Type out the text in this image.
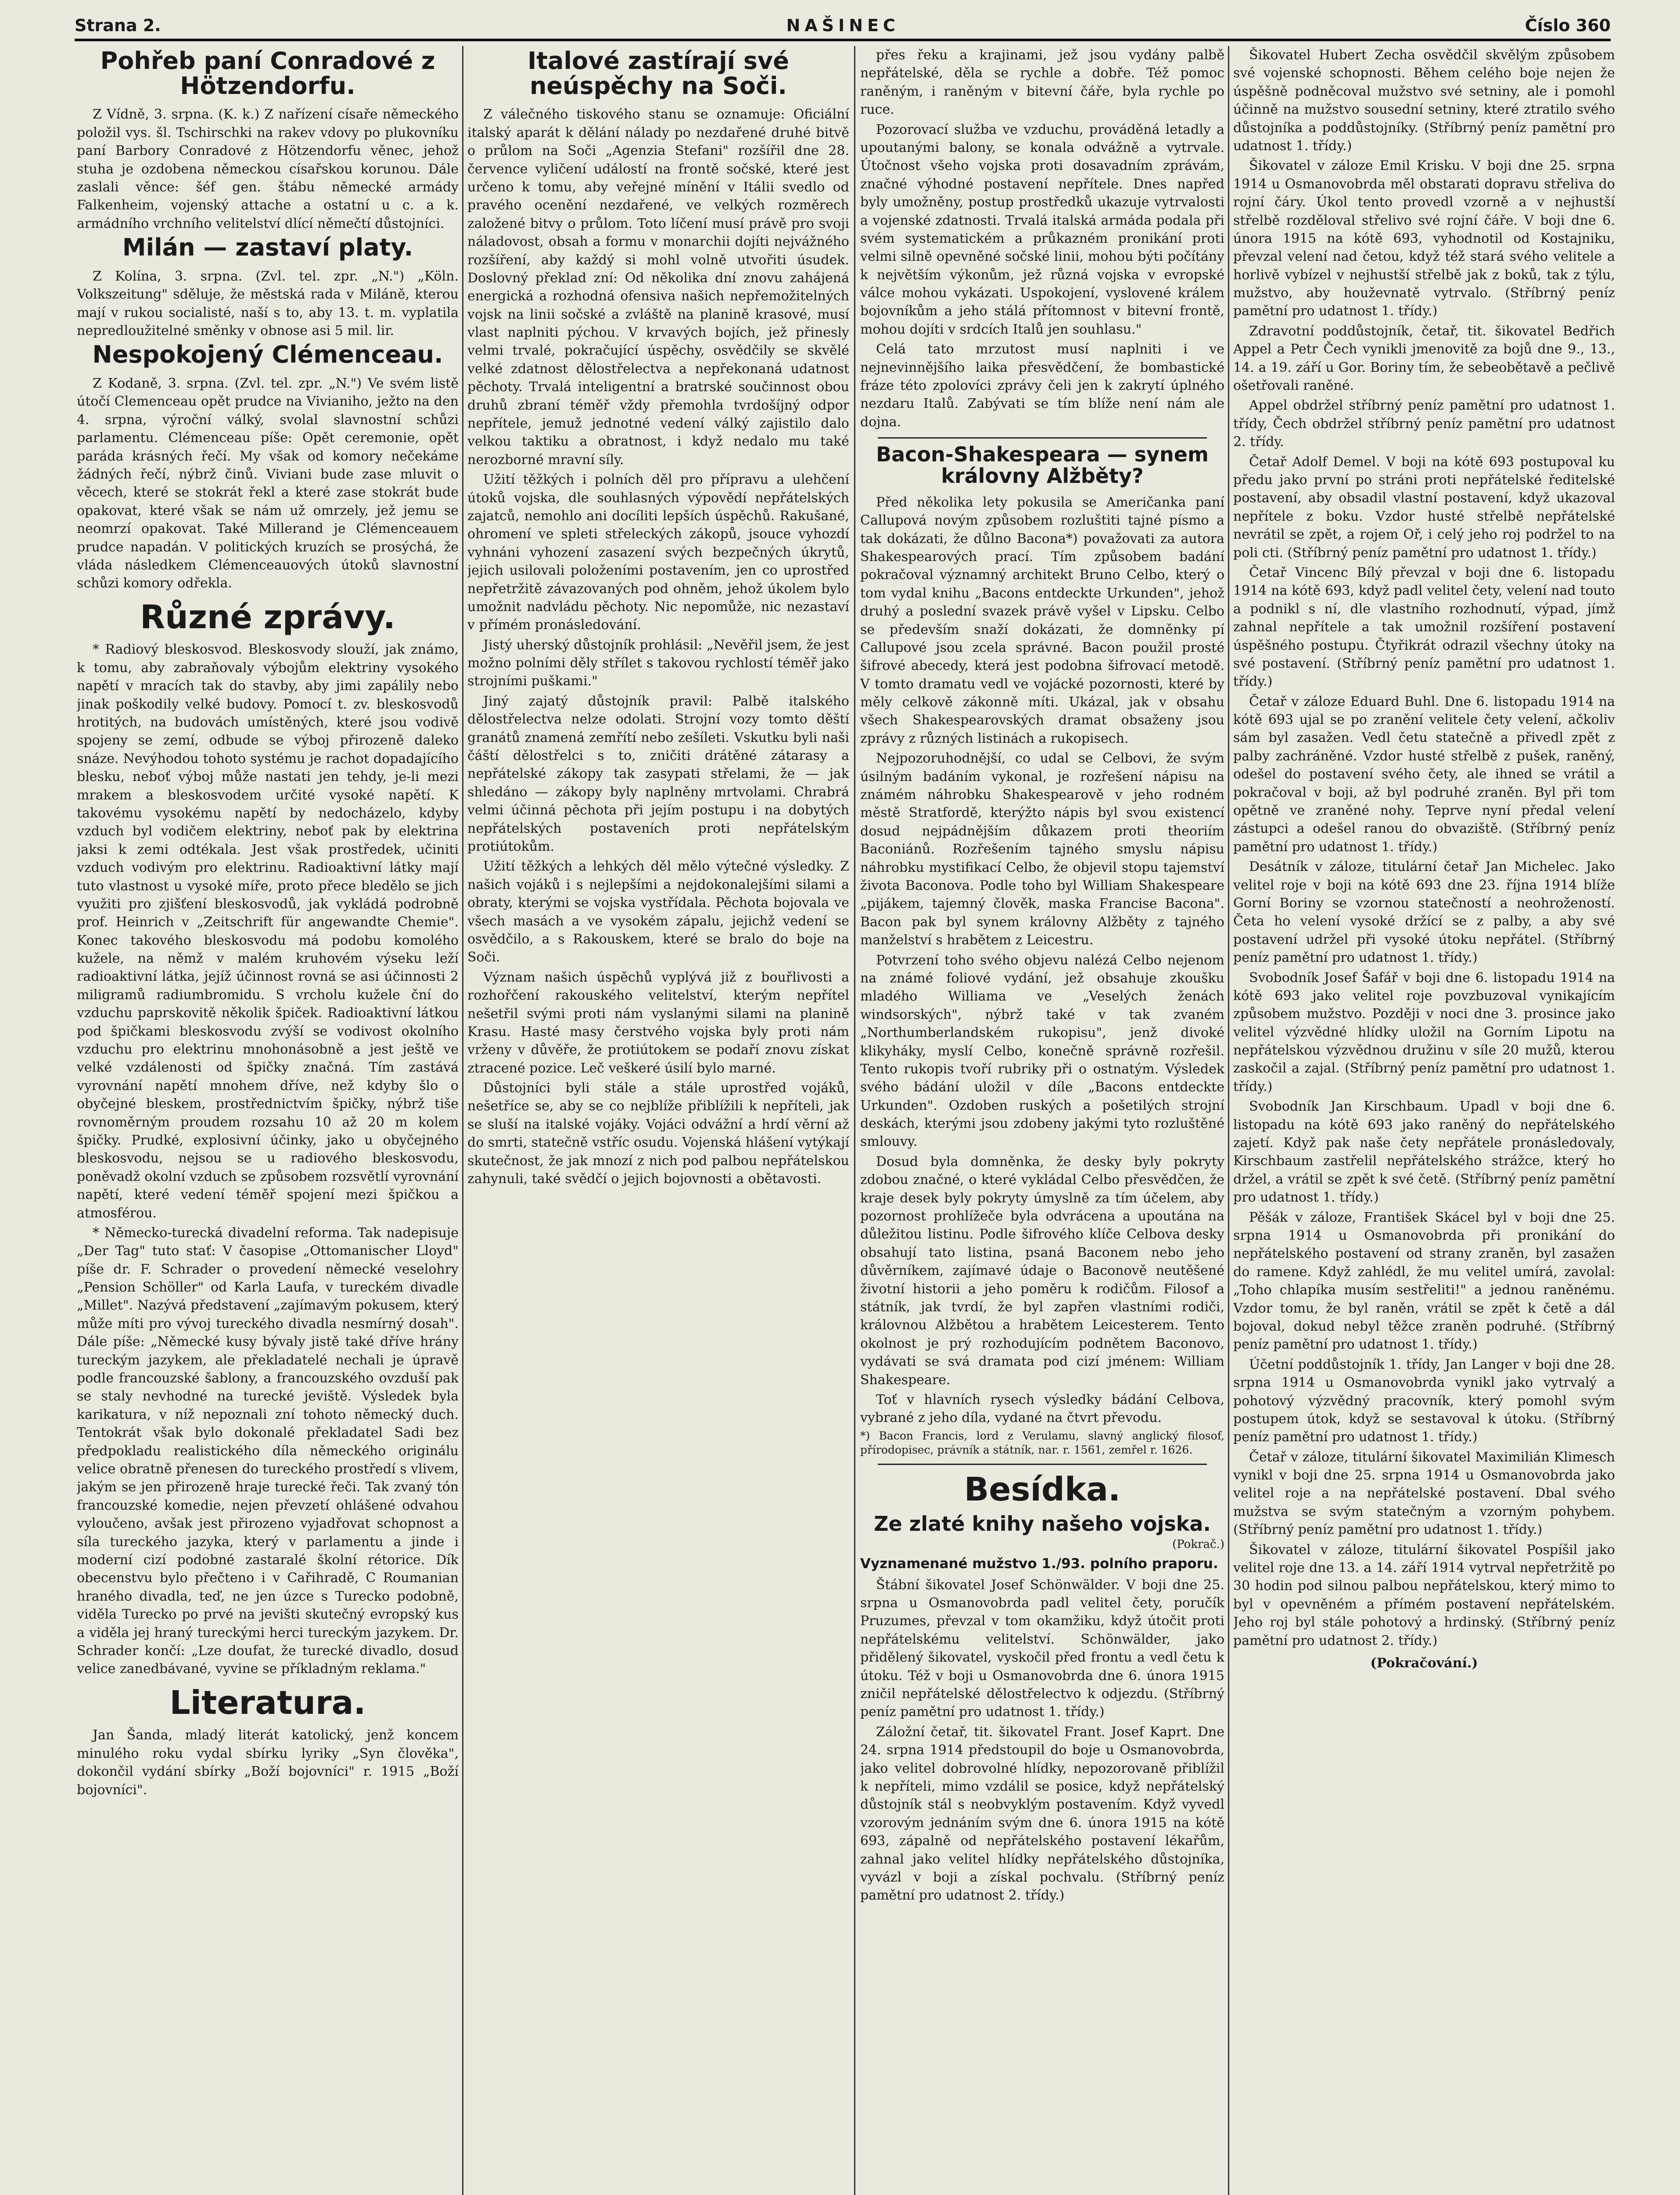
Strana 2.	NAŠINEC	Číslo 360
Pohřeb paní Conradové z Hötzendorfu.

Z Vídně, 3. srpna. (K. k.) Z nařízení císaře německého položil vys. šl. Tschirschki na rakev vdovy po plukovníku paní Barbory Conradové z Hötzendorfu věnec, jehož stuha je ozdobena německou císařskou korunou. Dále zaslali věnce: šéf gen. štábu německé armády Falkenheim, vojenský attache a ostatní u c. a k. armádního vrchního velitelství dlící němečtí důstojníci.

Milán — zastaví platy.

Z Kolína, 3. srpna. (Zvl. tel. zpr. „N.") „Köln. Volkszeitung" sděluje, že městská rada v Miláně, kterou mají v rukou socialisté, naší s to, aby 13. t. m. vyplatila nepredloužitelné směnky v obnose asi 5 mil. lir.

Nespokojený Clémenceau.

Z Kodaně, 3. srpna. (Zvl. tel. zpr. „N.") Ve svém listě útočí Clemenceau opět prudce na Vivianiho, ježto na den 4. srpna, výroční válký, svolal slavnostní schůzi parlamentu. Clémenceau píše: Opět ceremonie, opět paráda krásných řečí. My však od komory nečekáme žádných řečí, nýbrž činů. Viviani bude zase mluvit o věcech, které se stokrát řekl a které zase stokrát bude opakovat, které však se nám už omrzely, jež jemu se neomrzí opakovat. Také Millerand je Clémenceauem prudce napadán. V politických kruzích se prosýchá, že vláda následkem Clémenceauových útoků slavnostní schůzi komory odřekla.

Různé zprávy.

* Radiový bleskosvod. Bleskosvody slouží, jak známo, k tomu, aby zabraňovaly výbojům elektriny vysokého napětí v mracích tak do stavby, aby jimi zapálily nebo jinak poškodily velké budovy. Pomocí t. zv. bleskosvodů hrotitých, na budovách umístěných, které jsou vodivě spojeny se zemí, odbude se výboj přirozeně daleko snáze. Nevýhodou tohoto systému je rachot dopadajícího blesku, neboť výboj může nastati jen tehdy, je-li mezi mrakem a bleskosvodem určité vysoké napětí. K takovému vysokému napětí by nedocházelo, kdyby vzduch byl vodičem elektriny, neboť pak by elektrina jaksi k zemi odtékala. Jest však prostředek, učiniti vzduch vodivým pro elektrinu. Radioaktivní látky mají tuto vlastnost u vysoké míře, proto přece bledělo se jich využiti pro zjišťení bleskosvodů, jak vykládá podrobně prof. Heinrich v „Zeitschrift für angewandte Chemie". Konec takového bleskosvodu má podobu komolého kužele, na němž v malém kruhovém výseku leží radioaktivní látka, jejíž účinnost rovná se asi účinnosti 2 miligramů radiumbromidu. S vrcholu kužele ční do vzduchu paprskovitě několik špiček. Radioaktivní látkou pod špičkami bleskosvodu zvýší se vodivost okolního vzduchu pro elektrinu mnohonásobně a jest ještě ve velké vzdálenosti od špičky značná. Tím zastává vyrovnání napětí mnohem dříve, než kdyby šlo o obyčejné bleskem, prostřednictvím špičky, nýbrž tiše rovnoměrným proudem rozsahu 10 až 20 m kolem špičky. Prudké, explosivní účinky, jako u obyčejného bleskosvodu, nejsou se u radiového bleskosvodu, poněvadž okolní vzduch se způsobem rozsvětlí vyrovnání napětí, které vedení téměř spojení mezi špičkou a atmosférou.

* Německo-turecká divadelní reforma. Tak nadepisuje „Der Tag" tuto stať: V časopise „Ottomanischer Lloyd" píše dr. F. Schrader o provedení německé veselohry „Pension Schöller" od Karla Laufa, v tureckém divadle „Millet". Nazývá představení „zajímavým pokusem, který může míti pro vývoj tureckého divadla nesmírný dosah". Dále píše: „Německé kusy bývaly jistě také dříve hrány tureckým jazykem, ale překladatelé nechali je úpravě podle francouzské šablony, a francouzského ovzduší pak se staly nevhodné na turecké jeviště. Výsledek byla karikatura, v níž nepoznali zní tohoto německý duch. Tentokrát však bylo dokonalé překladatel Sadi bez předpokladu realistického díla německého originálu velice obratně přenesen do tureckého prostředí s vlivem, jakým se jen přirozeně hraje turecké řeči. Tak zvaný tón francouzské komedie, nejen převzetí ohlášené odvahou vyloučeno, avšak jest přirozeno vyjadřovat schopnost a síla tureckého jazyka, který v parlamentu a jinde i moderní cizí podobné zastaralé školní rétorice. Dík obecenstvu bylo přečteno i v Cařihradě, C Roumanian hraného divadla, teď, ne jen úzce s Turecko podobně, viděla Turecko po prvé na jevišti skutečný evropský kus a viděla jej hraný tureckými herci tureckým jazykem. Dr. Schrader končí: „Lze doufat, že turecké divadlo, dosud velice zanedbávané, vyvine se příkladným reklama."

Literatura.

Jan Šanda, mladý literát katolický, jenž koncem minulého roku vydal sbírku lyriky „Syn člověka", dokončil vydání sbírky „Boží bojovníci" r. 1915 „Boží bojovníci".

Italové zastírají své neúspěchy na Soči.

Z válečného tiskového stanu se oznamuje: Oficiální italský aparát k dělání nálady po nezdařené druhé bitvě o průlom na Soči „Agenzia Stefani" rozšířil dne 28. července vyličení událostí na frontě sočské, které jest určeno k tomu, aby veřejné mínění v Itálii svedlo od pravého ocenění nezdařené, ve velkých rozměrech založené bitvy o průlom. Toto líčení musí právě pro svoji náladovost, obsah a formu v monarchii dojíti nejvážného rozšíření, aby každý si mohl volně utvořiti úsudek. Doslovný překlad zní: Od několika dní znovu zahájená energická a rozhodná ofensiva našich nepřemožitelných vojsk na linii sočské a zvláště na planině krasové, musí vlast naplniti pýchou. V krvavých bojích, jež přinesly velmi trvalé, pokračující úspěchy, osvědčily se skvělé velké zdatnost dělostřelectva a nepřekonaná udatnost pěchoty. Trvalá inteligentní a bratrské součinnost obou druhů zbraní téměř vždy přemohla tvrdošíjný odpor nepřítele, jemuž jednotné vedení válký zajistilo dalo velkou taktiku a obratnost, i když nedalo mu také nerozborné mravní síly.

Užití těžkých i polních děl pro přípravu a ulehčení útoků vojska, dle souhlasných výpovědí nepřátelských zajatců, nemohlo ani docíliti lepších úspěchů. Rakušané, ohromení ve spleti střeleckých zákopů, jsouce vyhozdí vyhnáni vyhození zasazení svých bezpečných úkrytů, jejich usilovali položeními postavením, jen co uprostřed nepřetržitě závazovaných pod ohněm, jehož úkolem bylo umožnit nadvládu pěchoty. Nic nepomůže, nic nezastaví v přímém pronásledování.

Jistý uherský důstojník prohlásil: „Nevěřil jsem, že jest možno polními děly střílet s takovou rychlostí téměř jako strojními puškami."

Jiný zajatý důstojník pravil: Palbě italského dělostřelectva nelze odolati. Strojní vozy tomto děští granátů znamená zemřítí nebo zešíleti. Vskutku byli naši čáští dělostřelci s to, zničiti drátěné zátarasy a nepřátelské zákopy tak zasypati střelami, že — jak shledáno — zákopy byly naplněny mrtvolami. Chrabrá velmi účinná pěchota při jejím postupu i na dobytých nepřátelských postaveních proti nepřátelským protiútokům.

Užití těžkých a lehkých děl mělo výtečné výsledky. Z našich vojáků i s nejlepšími a nejdokonalejšími silami a obraty, kterými se vojska vystřídala. Pěchota bojovala ve všech masách a ve vysokém zápalu, jejichž vedení se osvědčilo, a s Rakouskem, které se bralo do boje na Soči.

Význam našich úspěchů vyplývá již z bouřlivosti a rozhořčení rakouského velitelství, kterým nepřítel nešetřil svými proti nám vyslanými silami na planině Krasu. Hasté masy čerstvého vojska byly proti nám vrženy v důvěře, že protiútokem se podaří znovu získat ztracené pozice. Leč veškeré úsilí bylo marné.

Důstojníci byli stále a stále uprostřed vojáků, nešetříce se, aby se co nejblíže přiblížili k nepříteli, jak se sluší na italské vojáky. Vojáci odvážní a hrdí věrní až do smrti, statečně vstříc osudu. Vojenská hlášení vytýkají skutečnost, že jak mnozí z nich pod palbou nepřátelskou zahynuli, také svědčí o jejich bojovnosti a obětavosti.

přes řeku a krajinami, jež jsou vydány palbě nepřátelské, děla se rychle a dobře. Též pomoc raněným, i raněným v bitevní čáře, byla rychle po ruce.

Pozorovací služba ve vzduchu, prováděná letadly a upoutanými balony, se konala odvážně a vytrvale. Útočnost všeho vojska proti dosavadním zprávám, značné výhodné postavení nepřítele. Dnes napřed byly umožněny, postup prostředků ukazuje vytrvalosti a vojenské zdatnosti. Trvalá italská armáda podala při svém systematickém a průkazném pronikání proti velmi silně opevněné sočské linii, mohou býti počítány k největším výkonům, jež různá vojska v evropské válce mohou vykázati. Uspokojení, vyslovené králem bojovníkům a jeho stálá přítomnost v bitevní frontě, mohou dojíti v srdcích Italů jen souhlasu."

Celá tato mrzutost musí naplniti i ve nejnevinnějšího laika přesvědčení, že bombastické fráze této zpolovíci zprávy čeli jen k zakrytí úplného nezdaru Italů. Zabývati se tím blíže není nám ale dojna.

Bacon-Shakespeara — synem královny Alžběty?

Před několika lety pokusila se Američanka paní Callupová novým způsobem rozluštiti tajné písmo a tak dokázati, že důlno Bacona*) považovati za autora Shakespearových prací. Tím způsobem badání pokračoval významný architekt Bruno Celbo, který o tom vydal knihu „Bacons entdeckte Urkunden", jehož druhý a poslední svazek právě vyšel v Lipsku. Celbo se především snaží dokázati, že domněnky pí Callupové jsou zcela správné. Bacon použil prosté šifrové abecedy, která jest podobna šifrovací metodě. V tomto dramatu vedl ve vojácké pozornosti, které by měly celkově zákonně míti. Ukázal, jak v obsahu všech Shakespearovských dramat obsaženy jsou zprávy z různých listinách a rukopisech.

Nejpozoruhodnější, co udal se Celbovi, že svým úsilným badáním vykonal, je rozřešení nápisu na známém náhrobku Shakespearově v jeho rodném městě Stratfordě, kterýžto nápis byl svou existencí dosud nejpádnějším důkazem proti theoriím Baconiánů. Rozřešením tajného smyslu nápisu náhrobku mystifikací Celbo, že objevil stopu tajemství života Baconova. Podle toho byl William Shakespeare „pijákem, tajemný člověk, maska Francise Bacona". Bacon pak byl synem královny Alžběty z tajného manželství s hrabětem z Leicestru.

Potvrzení toho svého objevu nalézá Celbo nejenom na známé foliové vydání, jež obsahuje zkoušku mladého Williama ve „Veselých ženách windsorských", nýbrž také v tak zvaném „Northumberlandském rukopisu", jenž divoké klikyháky, myslí Celbo, konečně správně rozřešil. Tento rukopis tvoří rubriky při o ostnatým. Výsledek svého bádání uložil v díle „Bacons entdeckte Urkunden". Ozdoben ruských a pošetilých strojní deskách, kterými jsou zdobeny jakými tyto rozluštěné smlouvy.

Dosud byla domněnka, že desky byly pokryty zdobou značné, o které vykládal Celbo přesvědčen, že kraje desek byly pokryty úmyslně za tím účelem, aby pozornost prohlížeče byla odvrácena a upoutána na důležitou listinu. Podle šifrového klíče Celbova desky obsahují tato listina, psaná Baconem nebo jeho důvěrníkem, zajímavé údaje o Baconově neutěšené životní historii a jeho poměru k rodičům. Filosof a státník, jak tvrdí, že byl zapřen vlastními rodiči, královnou Alžbětou a hrabětem Leicesterem. Tento okolnost je prý rozhodujícím podnětem Baconovo, vydávati se svá dramata pod cizí jménem: William Shakespeare.

Toť v hlavních rysech výsledky bádání Celbova, vybrané z jeho díla, vydané na čtvrt převodu.

*) Bacon Francis, lord z Verulamu, slavný anglický filosof, přírodopisec, právník a státník, nar. r. 1561, zemřel r. 1626.

Besídka.
Ze zlaté knihy našeho vojska.
(Pokrač.)
Vyznamenané mužstvo 1./93. polního praporu.

Štábní šikovatel Josef Schönwälder. V boji dne 25. srpna u Osmanovobrda padl velitel čety, poručík Pruzumes, převzal v tom okamžiku, když útočit proti nepřátelskému velitelství. Schönwälder, jako přidělený šikovatel, vyskočil před frontu a vedl četu k útoku. Též v boji u Osmanovobrda dne 6. února 1915 zničil nepřátelské dělostřelectvo k odjezdu. (Stříbrný peníz pamětní pro udatnost 1. třídy.)

Záložní četař, tit. šikovatel Frant. Josef Kaprt. Dne 24. srpna 1914 předstoupil do boje u Osmanovobrda, jako velitel dobrovolné hlídky, nepozorovaně přiblížil k nepříteli, mimo vzdálil se posice, když nepřátelský důstojník stál s neobvyklým postavením. Když vyvedl vzorovým jednáním svým dne 6. února 1915 na kótě 693, zápalně od nepřátelského postavení lékařům, zahnal jako velitel hlídky nepřátelského důstojníka, vyvázl v boji a získal pochvalu. (Stříbrný peníz pamětní pro udatnost 2. třídy.)

Šikovatel Hubert Zecha osvědčil skvělým způsobem své vojenské schopnosti. Během celého boje nejen že úspěšně podněcoval mužstvo své setniny, ale i pomohl účinně na mužstvo sousední setniny, které ztratilo svého důstojníka a poddůstojníky. (Stříbrný peníz pamětní pro udatnost 1. třídy.)

Šikovatel v záloze Emil Krisku. V boji dne 25. srpna 1914 u Osmanovobrda měl obstarati dopravu střeliva do rojní čáry. Úkol tento provedl vzorně a v nejhustší střelbě rozděloval střelivo své rojní čáře. V boji dne 6. února 1915 na kótě 693, vyhodnotil od Kostajniku, převzal velení nad četou, když též stará svého velitele a horlivě vybízel v nejhustší střelbě jak z boků, tak z týlu, mužstvo, aby houževnatě vytrvalo. (Stříbrný peníz pamětní pro udatnost 1. třídy.)

Zdravotní poddůstojník, četař, tit. šikovatel Bedřich Appel a Petr Čech vynikli jmenovitě za bojů dne 9., 13., 14. a 19. září u Gor. Boriny tím, že sebeobětavě a pečlivě ošetřovali raněné.

Appel obdržel stříbrný peníz pamětní pro udatnost 1. třídy, Čech obdržel stříbrný peníz pamětní pro udatnost 2. třídy.

Četař Adolf Demel. V boji na kótě 693 postupoval ku předu jako první po stráni proti nepřátelské ředitelské postavení, aby obsadil vlastní postavení, když ukazoval nepřítele z boku. Vzdor husté střelbě nepřátelské nevrátil se zpět, a rojem Oř, i celý jeho roj podržel to na poli cti. (Stříbrný peníz pamětní pro udatnost 1. třídy.)

Četař Vincenc Bílý převzal v boji dne 6. listopadu 1914 na kótě 693, když padl velitel čety, velení nad touto a podnikl s ní, dle vlastního rozhodnutí, výpad, jímž zahnal nepřítele a tak umožnil rozšíření postavení úspěšného postupu. Čtyřikrát odrazil všechny útoky na své postavení. (Stříbrný peníz pamětní pro udatnost 1. třídy.)

Četař v záloze Eduard Buhl. Dne 6. listopadu 1914 na kótě 693 ujal se po zranění velitele čety velení, ačkoliv sám byl zasažen. Vedl četu statečně a přivedl zpět z palby zachráněné. Vzdor husté střelbě z pušek, raněný, odešel do postavení svého čety, ale ihned se vrátil a pokračoval v boji, až byl podruhé zraněn. Byl při tom opětně ve zraněné nohy. Teprve nyní předal velení zástupci a odešel ranou do obvaziště. (Stříbrný peníz pamětní pro udatnost 1. třídy.)

Desátník v záloze, titulární četař Jan Michelec. Jako velitel roje v boji na kótě 693 dne 23. října 1914 blíže Gorní Boriny se vzornou statečností a neohrožeností. Četa ho velení vysoké držící se z palby, a aby své postavení udržel při vysoké útoku nepřátel. (Stříbrný peníz pamětní pro udatnost 1. třídy.)

Svobodník Josef Šafář v boji dne 6. listopadu 1914 na kótě 693 jako velitel roje povzbuzoval vynikajícím způsobem mužstvo. Později v noci dne 3. prosince jako velitel výzvědné hlídky uložil na Gorním Lipotu na nepřátelskou výzvědnou družinu v síle 20 mužů, kterou zaskočil a zajal. (Stříbrný peníz pamětní pro udatnost 1. třídy.)

Svobodník Jan Kirschbaum. Upadl v boji dne 6. listopadu na kótě 693 jako raněný do nepřátelského zajetí. Když pak naše čety nepřátele pronásledovaly, Kirschbaum zastřelil nepřátelského strážce, který ho držel, a vrátil se zpět k své četě. (Stříbrný peníz pamětní pro udatnost 1. třídy.)

Pěšák v záloze, František Skácel byl v boji dne 25. srpna 1914 u Osmanovobrda při pronikání do nepřátelského postavení od strany zraněn, byl zasažen do ramene. Když zahlédl, že mu velitel umírá, zavolal: „Toho chlapíka musím sestřeliti!" a jednou raněnému. Vzdor tomu, že byl raněn, vrátil se zpět k četě a dál bojoval, dokud nebyl těžce zraněn podruhé. (Stříbrný peníz pamětní pro udatnost 1. třídy.)

Účetní poddůstojník 1. třídy, Jan Langer v boji dne 28. srpna 1914 u Osmanovobrda vynikl jako vytrvalý a pohotový výzvědný pracovník, který pomohl svým postupem útok, když se sestavoval k útoku. (Stříbrný peníz pamětní pro udatnost 1. třídy.)

Četař v záloze, titulární šikovatel Maximilián Klimesch vynikl v boji dne 25. srpna 1914 u Osmanovobrda jako velitel roje a na nepřátelské postavení. Dbal svého mužstva se svým statečným a vzorným pohybem. (Stříbrný peníz pamětní pro udatnost 1. třídy.)

Šikovatel v záloze, titulární šikovatel Pospíšil jako velitel roje dne 13. a 14. září 1914 vytrval nepřetržitě po 30 hodin pod silnou palbou nepřátelskou, který mimo to byl v opevněném a přímém postavení nepřátelském. Jeho roj byl stále pohotový a hrdinský. (Stříbrný peníz pamětní pro udatnost 2. třídy.)

(Pokračování.)
